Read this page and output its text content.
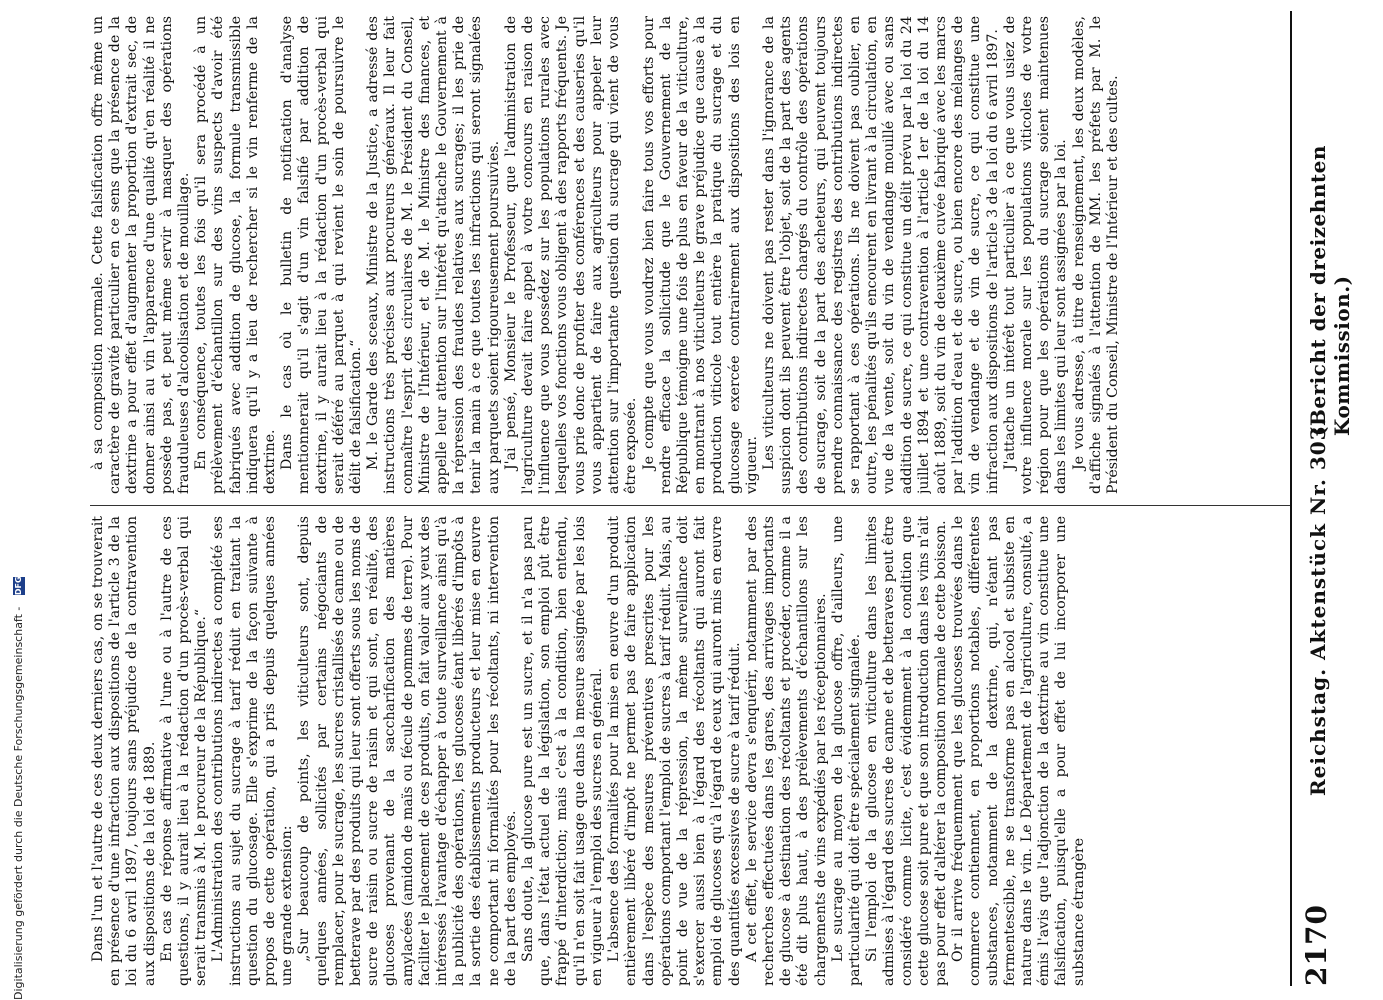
2170
Reichstag. Aktenstück Nr. 303.
(Bericht der dreizehnten Kommission.)

Dans l'un et l'autre de ces deux derniers cas, on se trouverait en présence d'une infraction aux dispositions de l'article 3 de la loi du 6 avril 1897, toujours sans préjudice de la contravention aux dispositions de la loi de 1889. En cas de réponse affirmative à l'une ou à l'autre de ces questions, il y aurait lieu à la rédaction d'un procès-verbal qui serait transmis à M. le procureur de la République.“ L'Administration des contributions indirectes a complété ses instructions au sujet du sucrage à tarif réduit en traitant la question du glucosage. Elle s'exprime de la façon suivante à propos de cette opération, qui a pris depuis quelques années une grande extension: „Sur beaucoup de points, les viticulteurs sont, depuis quelques années, sollicités par certains négociants de remplacer, pour le sucrage, les sucres cristallisés de canne ou de betterave par des produits qui leur sont offerts sous les noms de sucre de raisin ou sucre de raisin et qui sont, en réalité, des glucoses provenant de la saccharification des matières amylacées (amidon de maïs ou fécule de pommes de terre). Pour faciliter le placement de ces produits, on fait valoir aux yeux des intéressés l'avantage d'échapper à toute surveillance ainsi qu'à la publicité des opérations, les glucoses étant libérés d'impôts à la sortie des établissements producteurs et leur mise en œuvre ne comportant ni formalités pour les récoltants, ni intervention de la part des employés. Sans doute, la glucose pure est un sucre, et il n'a pas paru que, dans l'état actuel de la législation, son emploi pût être frappé d'interdiction; mais c'est à la condition, bien entendu, qu'il n'en soit fait usage que dans la mesure assignée par les lois en vigueur à l'emploi des sucres en général. L'absence des formalités pour la mise en œuvre d'un produit entièrement libéré d'impôt ne permet pas de faire application dans l'espèce des mesures préventives prescrites pour les opérations comportant l'emploi de sucres à tarif réduit. Mais, au point de vue de la répression, la même surveillance doit s'exercer aussi bien à l'égard des récoltants qui auront fait emploi de glucoses qu'à l'égard de ceux qui auront mis en œuvre des quantités excessives de sucre à tarif réduit. A cet effet, le service devra s'enquérir, notamment par des recherches effectuées dans les gares, des arrivages importants de glucose à destination des récoltants et procéder, comme il a été dit plus haut, à des prélèvements d'échantillons sur les chargements de vins expédiés par les réceptionnaires. Le sucrage au moyen de la glucose offre, d'ailleurs, une particularité qui doit être spécialement signalée. Si l'emploi de la glucose en viticulture dans les limites admises à l'égard des sucres de canne et de betteraves peut être considéré comme licite, c'est évidemment à la condition que cette glucose soit pure et que son introduction dans les vins n'ait pas pour effet d'altérer la composition normale de cette boisson. Or il arrive fréquemment que les glucoses trouvées dans le commerce contiennent, en proportions notables, différentes substances, notamment de la dextrine, qui, n'étant pas fermentescible, ne se transforme pas en alcool et subsiste en nature dans le vin. Le Département de l'agriculture, consulté, a émis l'avis que l'adjonction de la dextrine au vin constitue une falsification, puisqu'elle a pour effet de lui incorporer une substance étrangère

à sa composition normale. Cette falsification offre même un caractère de gravité particulier en ce sens que la présence de la dextrine a pour effet d'augmenter la proportion d'extrait sec, de donner ainsi au vin l'apparence d'une qualité qu'en réalité il ne possède pas, et peut même servir à masquer des opérations frauduleuses d'alcoolisation et de mouillage. En conséquence, toutes les fois qu'il sera procédé à un prélèvement d'échantillon sur des vins suspects d'avoir été fabriqués avec addition de glucose, la formule transmissible indiquera qu'il y a lieu de rechercher si le vin renferme de la dextrine. Dans le cas où le bulletin de notification d'analyse mentionnerait qu'il s'agit d'un vin falsifié par addition de dextrine, il y aurait lieu à la rédaction d'un procès-verbal qui serait déféré au parquet à qui revient le soin de poursuivre le délit de falsification.“ M. le Garde des sceaux, Ministre de la Justice, a adressé des instructions très précises aux procureurs généraux. Il leur fait connaître l'esprit des circulaires de M. le Président du Conseil, Ministre de l'Intérieur, et de M. le Ministre des finances, et appelle leur attention sur l'intérêt qu'attache le Gouvernement à la répression des fraudes relatives aux sucrages; il les prie de tenir la main à ce que toutes les infractions qui seront signalées aux parquets soient rigoureusement poursuivies. J'ai pensé, Monsieur le Professeur, que l'administration de l'agriculture devait faire appel à votre concours en raison de l'influence que vous possédez sur les populations rurales avec lesquelles vos fonctions vous obligent à des rapports fréquents. Je vous prie donc de profiter des conférences et des causeries qu'il vous appartient de faire aux agriculteurs pour appeler leur attention sur l'importante question du sucrage qui vient de vous être exposée. Je compte que vous voudrez bien faire tous vos efforts pour rendre efficace la sollicitude que le Gouvernement de la République témoigne une fois de plus en faveur de la viticulture, en montrant à nos viticulteurs le grave préjudice que cause à la production viticole tout entière la pratique du sucrage et du glucosage exercée contrairement aux dispositions des lois en vigueur. Les viticulteurs ne doivent pas rester dans l'ignorance de la suspicion dont ils peuvent être l'objet, soit de la part des agents des contributions indirectes chargés du contrôle des opérations de sucrage, soit de la part des acheteurs, qui peuvent toujours prendre connaissance des registres des contributions indirectes se rapportant à ces opérations. Ils ne doivent pas oublier, en outre, les pénalités qu'ils encourent en livrant à la circulation, en vue de la vente, soit du vin de vendange mouillé avec ou sans addition de sucre, ce qui constitue un délit prévu par la loi du 24 juillet 1894 et une contravention à l'article 1er de la loi du 14 août 1889, soit du vin de deuxième cuvée fabriqué avec les marcs par l'addition d'eau et de sucre, ou bien encore des mélanges de vin de vendange et de vin de sucre, ce qui constitue une infraction aux dispositions de l'article 3 de la loi du 6 avril 1897. J'attache un intérêt tout particulier à ce que vous usiez de votre influence morale sur les populations viticoles de votre région pour que les opérations du sucrage soient maintenues dans les limites qui leur sont assignées par la loi. Je vous adresse, à titre de renseignement, les deux modèles, d'affiche signalés à l'attention de MM. les préfets par M. le Président du Conseil, Ministre de l'Intérieur et des cultes.

Digitalisierung gefördert durch die Deutsche Forschungsgemeinschaft - DFG
